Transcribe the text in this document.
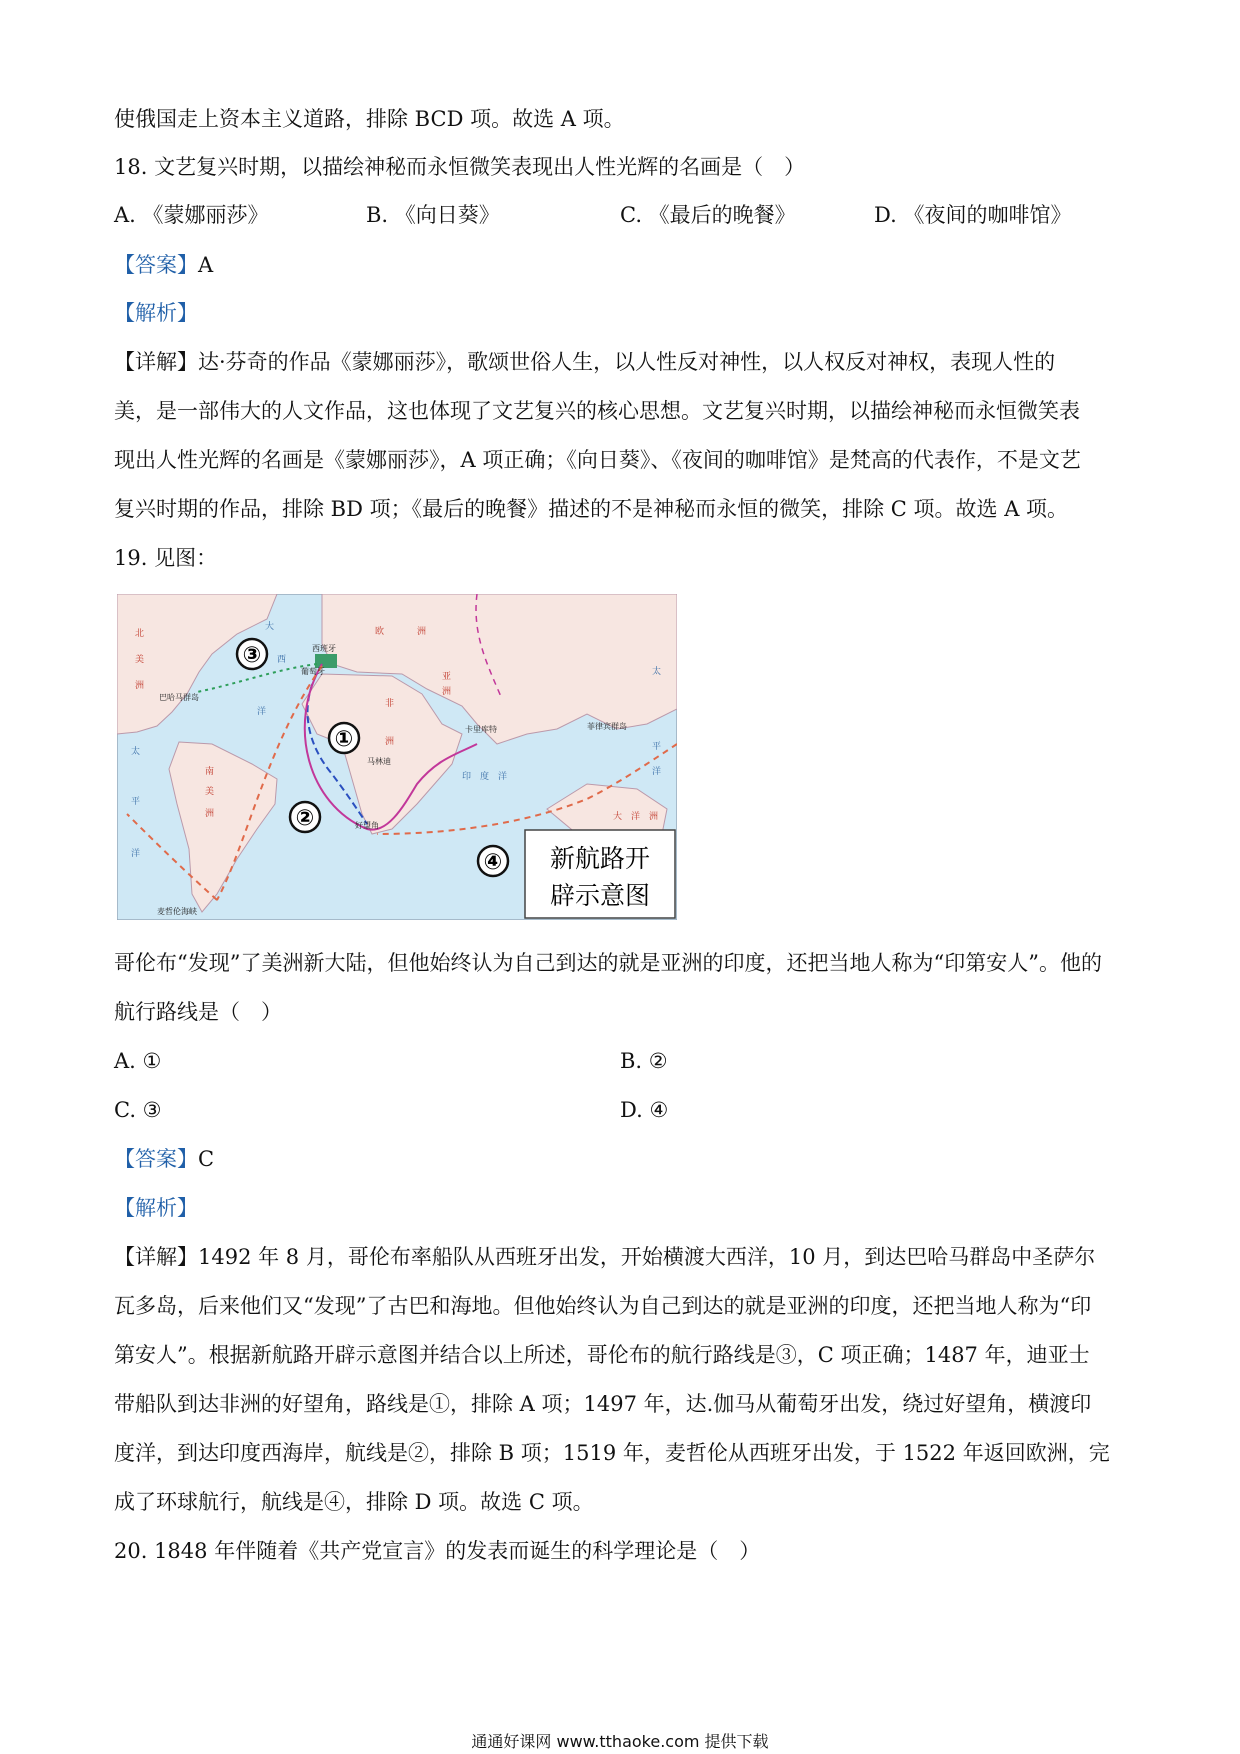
使俄国走上资本主义道路，排除 BCD 项。故选 A 项。
18. 文艺复兴时期，以描绘神秘而永恒微笑表现出人性光辉的名画是（　）
A. 《蒙娜丽莎》	B. 《向日葵》	C. 《最后的晚餐》	D. 《夜间的咖啡馆》
【答案】A
【解析】
【详解】达·芬奇的作品《蒙娜丽莎》，歌颂世俗人生，以人性反对神性，以人权反对神权，表现人性的
美，是一部伟大的人文作品，这也体现了文艺复兴的核心思想。文艺复兴时期，以描绘神秘而永恒微笑表
现出人性光辉的名画是《蒙娜丽莎》，A 项正确；《向日葵》、《夜间的咖啡馆》是梵高的代表作，不是文艺
复兴时期的作品，排除 BD 项；《最后的晚餐》描述的不是神秘而永恒的微笑，排除 C 项。故选 A 项。
19. 见图：
③
①
②
④
北
美
洲
南
美
洲
欧	洲
亚
洲
非
洲
大　洋　洲
大
西
洋
太
平
洋
太
平
洋
印　度　洋
西班牙
葡萄牙
巴哈马群岛
卡里库特
马林迪
好望角
菲律宾群岛
麦哲伦海峡
新航路开
辟示意图
哥伦布“发现”了美洲新大陆，但他始终认为自己到达的就是亚洲的印度，还把当地人称为“印第安人”。他的
航行路线是（　）
A. ①	B. ②
C. ③	D. ④
【答案】C
【解析】
【详解】1492 年 8 月，哥伦布率船队从西班牙出发，开始横渡大西洋，10 月，到达巴哈马群岛中圣萨尔
瓦多岛，后来他们又“发现”了古巴和海地。但他始终认为自己到达的就是亚洲的印度，还把当地人称为“印
第安人”。根据新航路开辟示意图并结合以上所述，哥伦布的航行路线是③，C 项正确；1487 年，迪亚士
带船队到达非洲的好望角，路线是①，排除 A 项；1497 年，达.伽马从葡萄牙出发，绕过好望角，横渡印
度洋，到达印度西海岸，航线是②，排除 B 项；1519 年，麦哲伦从西班牙出发，于 1522 年返回欧洲，完
成了环球航行，航线是④，排除 D 项。故选 C 项。
20. 1848 年伴随着《共产党宣言》的发表而诞生的科学理论是（　）
通通好课网 www.tthaoke.com 提供下载
